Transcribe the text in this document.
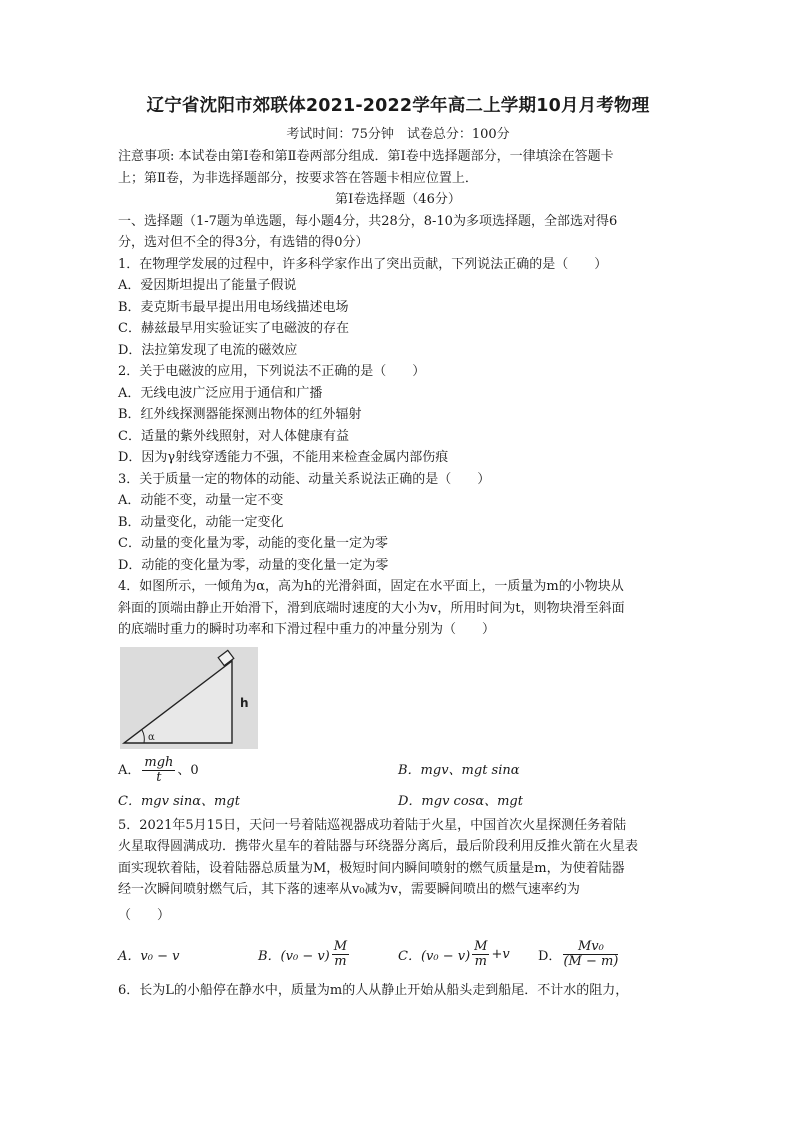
辽宁省沈阳市郊联体2021-2022学年高二上学期10月月考物理
考试时间：75分钟　试卷总分：100分
注意事项: 本试卷由第Ⅰ卷和第Ⅱ卷两部分组成．第Ⅰ卷中选择题部分，一律填涂在答题卡
上；第Ⅱ卷，为非选择题部分，按要求答在答题卡相应位置上．
第Ⅰ卷选择题（46分）
一、选择题（1-7题为单选题，每小题4分，共28分，8-10为多项选择题，全部选对得6
分，选对但不全的得3分，有选错的得0分）
1．在物理学发展的过程中，许多科学家作出了突出贡献，下列说法正确的是（　　）
A．爱因斯坦提出了能量子假说
B．麦克斯韦最早提出用电场线描述电场
C．赫兹最早用实验证实了电磁波的存在
D．法拉第发现了电流的磁效应
2．关于电磁波的应用，下列说法不正确的是（　　）
A．无线电波广泛应用于通信和广播
B．红外线探测器能探测出物体的红外辐射
C．适量的紫外线照射，对人体健康有益
D．因为γ射线穿透能力不强，不能用来检查金属内部伤痕
3．关于质量一定的物体的动能、动量关系说法正确的是（　　）
A．动能不变，动量一定不变
B．动量变化，动能一定变化
C．动量的变化量为零，动能的变化量一定为零
D．动能的变化量为零，动量的变化量一定为零
4．如图所示，一倾角为α，高为h的光滑斜面，固定在水平面上，一质量为m的小物块从
斜面的顶端由静止开始滑下，滑到底端时速度的大小为v，所用时间为t，则物块滑至斜面
的底端时重力的瞬时功率和下滑过程中重力的冲量分别为（　　）
h
α
A． $\frac{\text{mgh}}{t}$ 、0	B．mgv、mgt sinα
C．mgv sinα、mgt	D．mgv cosα、mgt
5．2021年5月15日，天问一号着陆巡视器成功着陆于火星，中国首次火星探测任务着陆
火星取得圆满成功．携带火星车的着陆器与环绕器分离后，最后阶段利用反推火箭在火星表
面实现软着陆，设着陆器总质量为M，极短时间内瞬间喷射的燃气质量是m，为使着陆器
经一次瞬间喷射燃气后，其下落的速率从v₀减为v，需要瞬间喷出的燃气速率约为
（　　）
A．v₀ − v	B．$(v_0 - v) \frac{M}{m}$	C．$(v_0 - v) \frac{M}{m} +v$ D． $\frac{\text{Mv₀}}{(M - m)}$
6．长为L的小船停在静水中，质量为m的人从静止开始从船头走到船尾．不计水的阻力，
